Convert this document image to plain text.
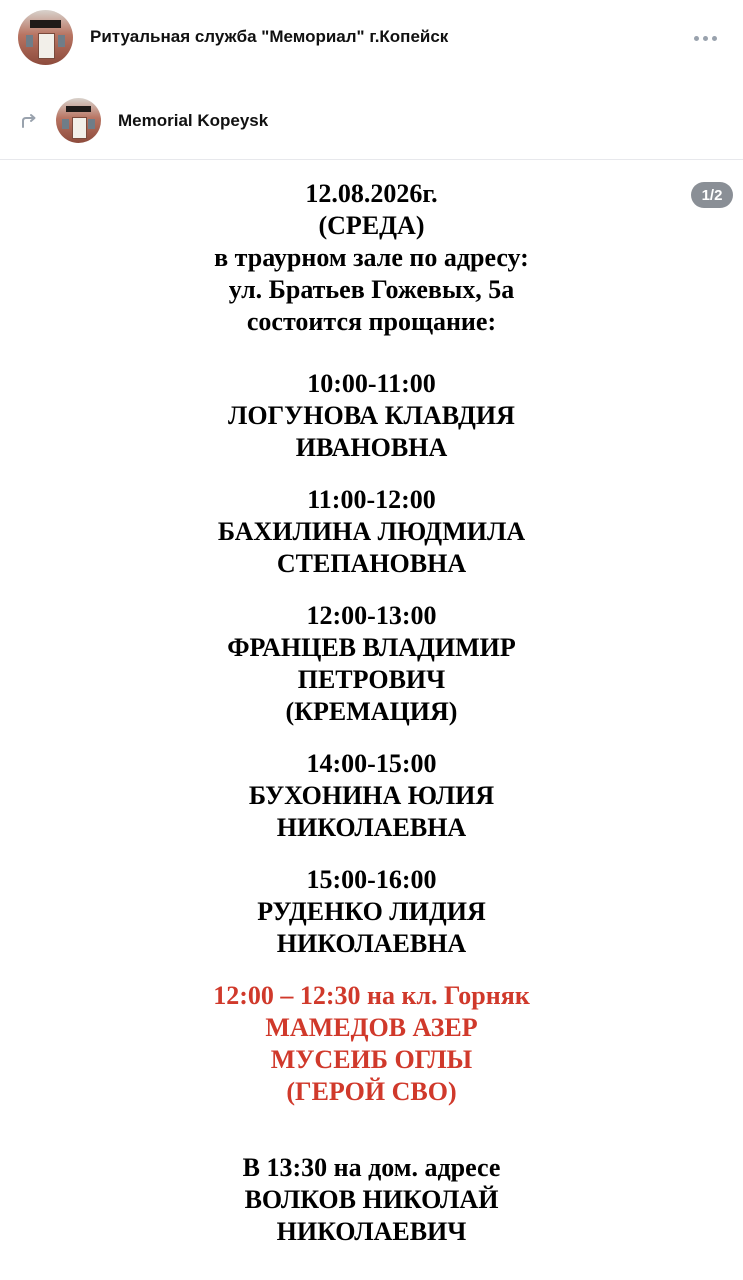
Ритуальная служба "Мемориал" г.Копейск
Memorial Kopeysk
1/2
12.08.2026г.
(СРЕДА)
в траурном зале по адресу:
ул. Братьев Гожевых, 5а
состоится прощание:
10:00-11:00
ЛОГУНОВА КЛАВДИЯ
ИВАНОВНА
11:00-12:00
БАХИЛИНА ЛЮДМИЛА
СТЕПАНОВНА
12:00-13:00
ФРАНЦЕВ ВЛАДИМИР
ПЕТРОВИЧ
(КРЕМАЦИЯ)
14:00-15:00
БУХОНИНА ЮЛИЯ
НИКОЛАЕВНА
15:00-16:00
РУДЕНКО ЛИДИЯ
НИКОЛАЕВНА
12:00 – 12:30 на кл. Горняк
МАМЕДОВ АЗЕР
МУСЕИБ ОГЛЫ
(ГЕРОЙ СВО)
В 13:30 на дом. адресе
ВОЛКОВ НИКОЛАЙ
НИКОЛАЕВИЧ
